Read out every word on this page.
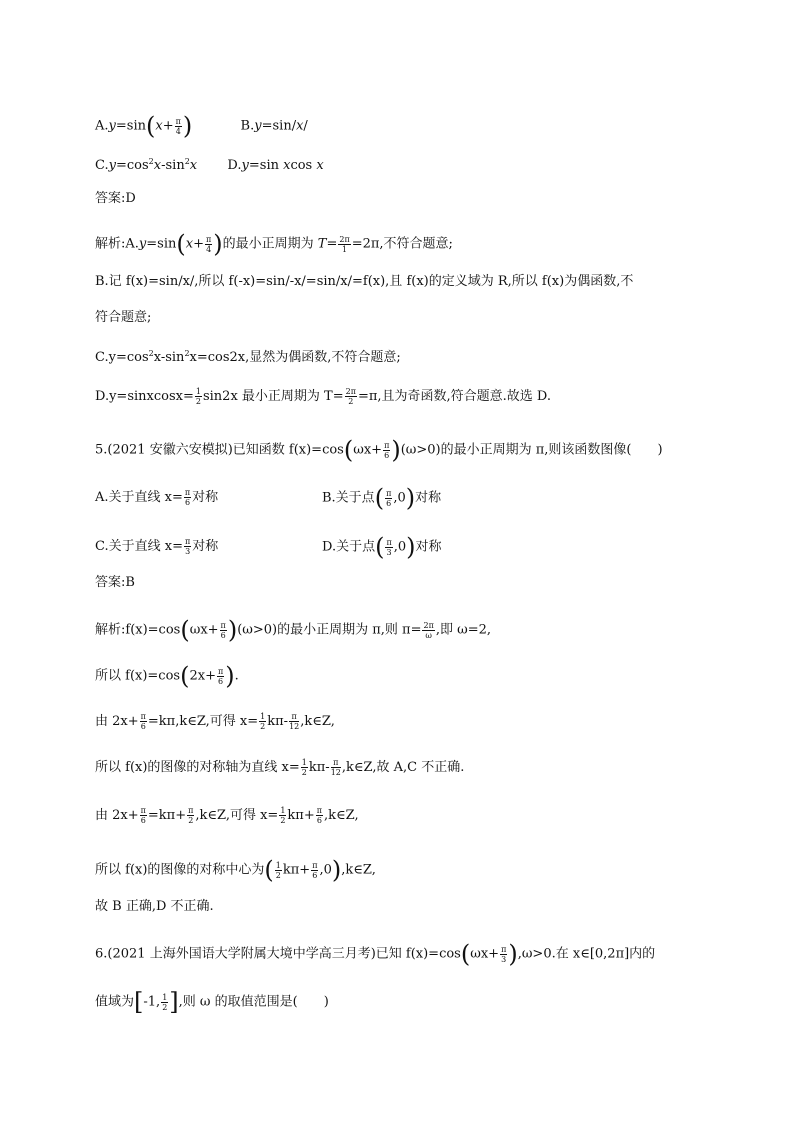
$A.y=\sin(x+ \frac{\pi}{4}$ )	B.y=sin/x/
$C.y=\cos^2x-\sin^2x$ D.y=sin xcos x
答案:D
解析:A.y=sin(x+ $\frac{\pi}{4}$ )的最小正周期为 $T= \frac{2\pi}{1} =2\pi$,不符合题意;
B.记 f(x)=sin/x/,所以 f(-x)=sin/-x/=sin/x/=f(x),且 f(x)的定义域为 R,所以 f(x)为偶函数,不
符合题意;
$C.y=\cos^2x-\sin^2x=\cos 2x$,显然为偶函数,不符合题意;
D.y=sinxcosx= $\frac{1}{2} \sin 2x$ 最小正周期为 $T= \frac{2\pi}{2} =\pi$,且为奇函数,符合题意.故选 D.
5.(2021 安徽六安模拟)已知函数 $f(x)=\cos(\omega x+ \frac{\pi}{6} )(\omega>0)$的最小正周期为 π,则该函数图像(　　)
A.关于直线 $x= \frac{\pi}{6}$ 对称	B.关于点( $\frac{\pi}{6} ,0$)对称
C.关于直线 $x= \frac{\pi}{3}$ 对称	D.关于点( $\frac{\pi}{3} ,0$)对称
答案:B
解析:f(x)=cos(ωx+ $\frac{\pi}{6} )(\omega>0)$的最小正周期为 π,则 $\pi= \frac{2\pi}{\omega}$ ,即 ω=2,
所以 $f(x)=\cos(2x+ \frac{\pi}{6}$ ).
由 $2x+ \frac{\pi}{6}$ =kπ,k∈Z,可得 $x= \frac{1}{2} k\pi- \frac{\pi}{12}$ ,k∈Z,
所以 f(x)的图像的对称轴为直线 $x= \frac{1}{2} k\pi- \frac{\pi}{12}$ ,k∈Z,故 A,C 不正确.
由 $2x+ \frac{\pi}{6} =k\pi+ \frac{\pi}{2}$ ,k∈Z,可得 $x= \frac{1}{2} k\pi+ \frac{\pi}{6}$ ,k∈Z,
所以 f(x)的图像的对称中心为( $\frac{1}{2} k\pi+ \frac{\pi}{6}$ ,0),k∈Z,
故 B 正确,D 不正确.
6.(2021 上海外国语大学附属大境中学高三月考)已知 $f(x)=\cos(\omega x+ \frac{\pi}{3} ),\omega>0$.在 x∈[0,2π]内的
值域为[-1, $\frac{1}{2}$ ],则 ω 的取值范围是(　　)
